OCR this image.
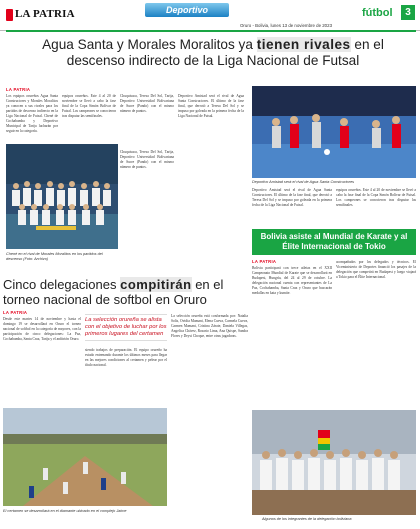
LA PATRIA	Deportivo	fútbol	3
Oruro - Bolivia, lunes 13 de noviembre de 2023
Agua Santa y Morales Moralitos ya tienen rivales en el descenso indirecto de la Liga Nacional de Futsal
LA PATRIA
Los equipos orureños Agua Santa Constructores y Morales Moralitos ya conocen a sus rivales para los partidos de descenso indirecto en la Liga Nacional de Futsal. Chené de Cochabamba y Deportivo Municipal de Tarija lucharán por seguir en la categoría.
equipos orureños. Este 4 al 20 de noviembre se llevó a cabo la fase final de la Copa Simón Bolívar de Futsal. Los campeones se conocieron tras disputar las semifinales.
Chuquisaca, Teresa Del Sol, Tarija, Deportivo Universidad Bolivariana de Sucre (Pando) con el mismo número de puntos.
Deportivo Amistad será el rival de Agua Santa Constructores. El último de la fase final, que derrotó a Teresa Del Sol y se impuso por goleada en la primera fecha de la Liga Nacional de Futsal.
Chuquisaca, Teresa Del Sol, Tarija, Deportivo Universidad Bolivariana de Sucre (Pando) con el mismo número de puntos.
Chené en el rival de Morales Moralitos en los partidos del descenso (Foto: Archivo)
Deportivo Amistad será el rival de Agua Santa Constructores
Deportivo Amistad será el rival de Agua Santa Constructores. El último de la fase final, que derrotó a Teresa Del Sol y se impuso por goleada en la primera fecha de la Liga Nacional de Futsal.
equipos orureños. Este 4 al 20 de noviembre se llevó a cabo la fase final de la Copa Simón Bolívar de Futsal. Los campeones se conocieron tras disputar las semifinales.
Bolivia asiste al Mundial de Karate y al Élite Internacional de Tokio
LA PATRIA
Bolivia participará con trece atletas en el XXII Campeonato Mundial de Karate que se desarrollará en Budapest, Hungría, del 24 al 29 de octubre. La delegación nacional cuenta con representantes de La Paz, Cochabamba, Santa Cruz y Oruro que buscarán medallas en kata y kumite.
acompañados por los delegados y técnicos. El Viceministerio de Deportes financió los pasajes de la delegación que competirá en Budapest y luego viajará a Tokio para el Élite Internacional.
Algunos de los integrantes de la delegación boliviana
Cinco delegaciones compitirán en el torneo nacional de softbol en Oruro
LA PATRIA
Desde este martes 14 de noviembre y hasta el domingo 19 se desarrollará en Oruro el torneo nacional de softbol en la categoría de mayores, con la participación de cinco delegaciones: La Paz, Cochabamba, Santa Cruz, Tarija y el anfitrión Oruro.
La selección orureña se alista con el objetivo de luchar por los primeros lugares del certamen
siendo trabajos de preparación. El equipo orureño ha estado entrenando durante los últimos meses para llegar en las mejores condiciones al certamen y pelear por el título nacional.
La selección orureña está conformada por: Natalia Solis, Ovidia Mamani, Elena Cueva, Carmela Cueva, Carmen Mamani, Cristina Zárate, Daniela Villegas, Angelica Chávez, Rosario Lima, Ana Quispe, Sandra Flores y Deysi Choque, entre otras jugadoras.
El certamen se desarrollará en el diamante ubicado en el complejo Jaime
